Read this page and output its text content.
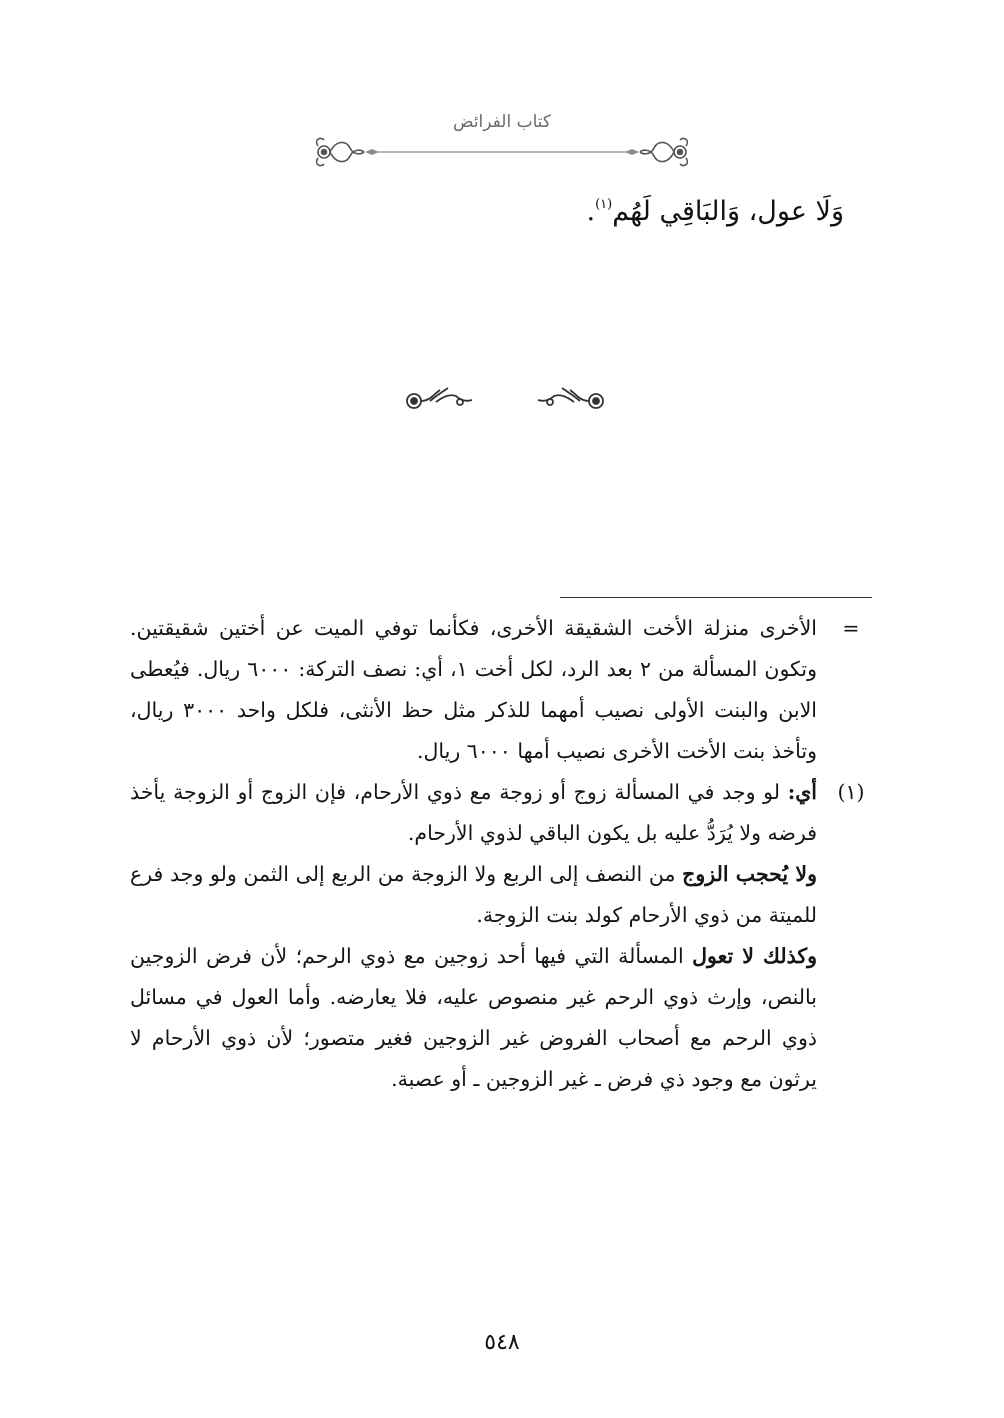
كتاب الفرائض
وَلَا عول، وَالبَاقِي لَهُم$^{(١)}$.
=

الأخرى منزلة الأخت الشقيقة الأخرى، فكأنما توفي الميت عن أختين شقيقتين. وتكون المسألة من ٢ بعد الرد، لكل أخت ١، أي: نصف التركة: ٦٠٠٠ ريال. فيُعطى الابن والبنت الأولى نصيب أمهما للذكر مثل حظ الأنثى، فلكل واحد ٣٠٠٠ ريال، وتأخذ بنت الأخت الأخرى نصيب أمها ٦٠٠٠ ريال.

(١)

أي: لو وجد في المسألة زوج أو زوجة مع ذوي الأرحام، فإن الزوج أو الزوجة يأخذ فرضه ولا يُرَدُّ عليه بل يكون الباقي لذوي الأرحام.

ولا يُحجب الزوج من النصف إلى الربع ولا الزوجة من الربع إلى الثمن ولو وجد فرع للميتة من ذوي الأرحام كولد بنت الزوجة.

وكذلك لا تعول المسألة التي فيها أحد زوجين مع ذوي الرحم؛ لأن فرض الزوجين بالنص، وإرث ذوي الرحم غير منصوص عليه، فلا يعارضه. وأما العول في مسائل ذوي الرحم مع أصحاب الفروض غير الزوجين فغير متصور؛ لأن ذوي الأرحام لا يرثون مع وجود ذي فرض ـ غير الزوجين ـ أو عصبة.

٥٤٨
